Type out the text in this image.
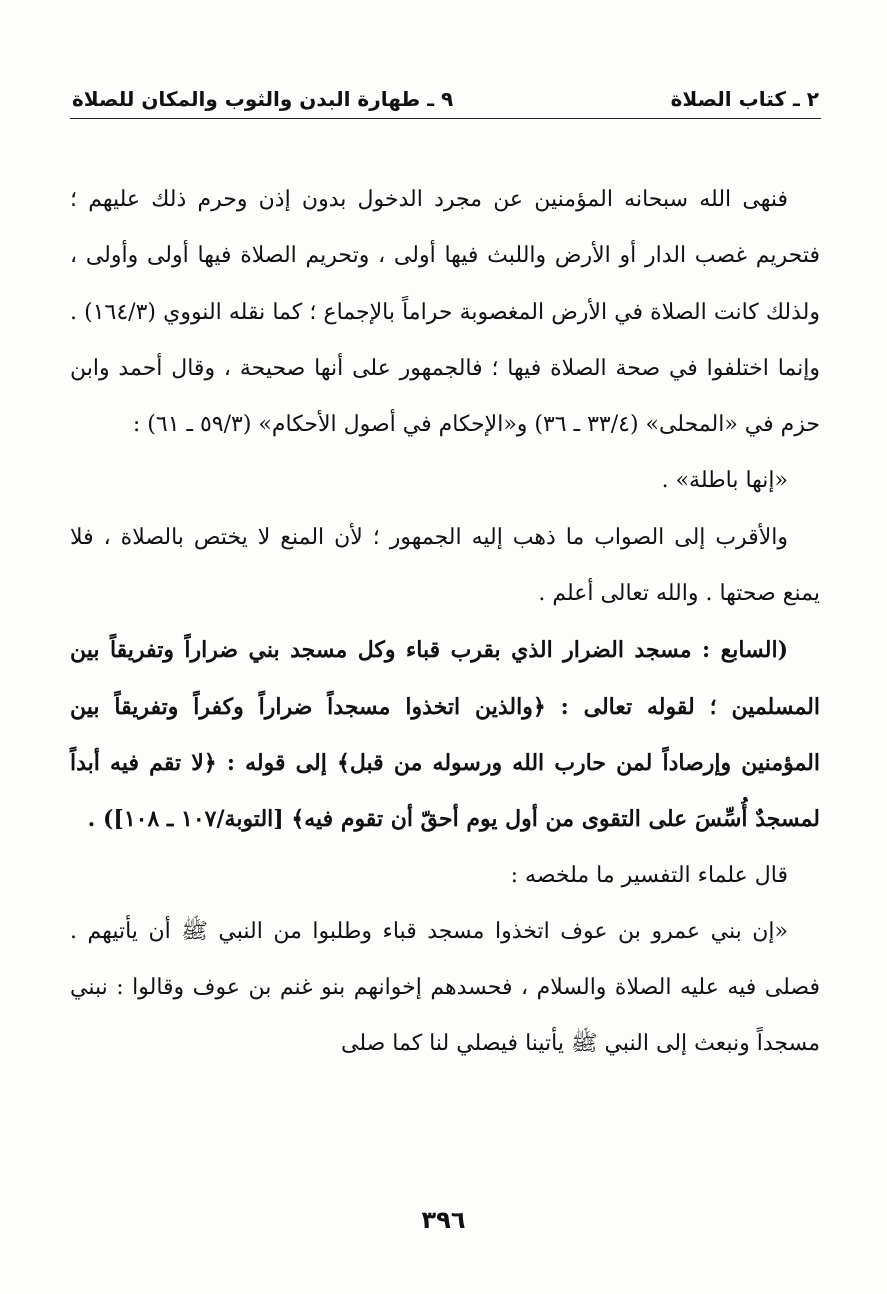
٢ ـ كتاب الصلاة
٩ ـ طهارة البدن والثوب والمكان للصلاة

فنهى الله سبحانه المؤمنين عن مجرد الدخول بدون إذن وحرم ذلك عليهم ؛ فتحريم غصب الدار أو الأرض واللبث فيها أولى ، وتحريم الصلاة فيها أولى وأولى ، ولذلك كانت الصلاة في الأرض المغصوبة حراماً بالإجماع ؛ كما نقله النووي (١٦٤/٣) . وإنما اختلفوا في صحة الصلاة فيها ؛ فالجمهور على أنها صحيحة ، وقال أحمد وابن حزم في «المحلى» (٣٣/٤ ـ ٣٦) و«الإحكام في أصول الأحكام» (٥٩/٣ ـ ٦١) :

«إنها باطلة» .

والأقرب إلى الصواب ما ذهب إليه الجمهور ؛ لأن المنع لا يختص بالصلاة ، فلا يمنع صحتها . والله تعالى أعلم .

(السابع : مسجد الضرار الذي بقرب قباء وكل مسجد بني ضراراً وتفريقاً بين المسلمين ؛ لقوله تعالى : ﴿والذين اتخذوا مسجداً ضراراً وكفراً وتفريقاً بين المؤمنين وإرصاداً لمن حارب الله ورسوله من قبل﴾ إلى قوله : ﴿لا تقم فيه أبداً لمسجدٌ أُسِّسَ على التقوى من أول يوم أحقّ أن تقوم فيه﴾ [التوبة/١٠٧ ـ ١٠٨]) .

قال علماء التفسير ما ملخصه :

«إن بني عمرو بن عوف اتخذوا مسجد قباء وطلبوا من النبي ﷺ أن يأتيهم . فصلى فيه عليه الصلاة والسلام ، فحسدهم إخوانهم بنو غنم بن عوف وقالوا : نبني مسجداً ونبعث إلى النبي ﷺ يأتينا فيصلي لنا كما صلى

٣٩٦
